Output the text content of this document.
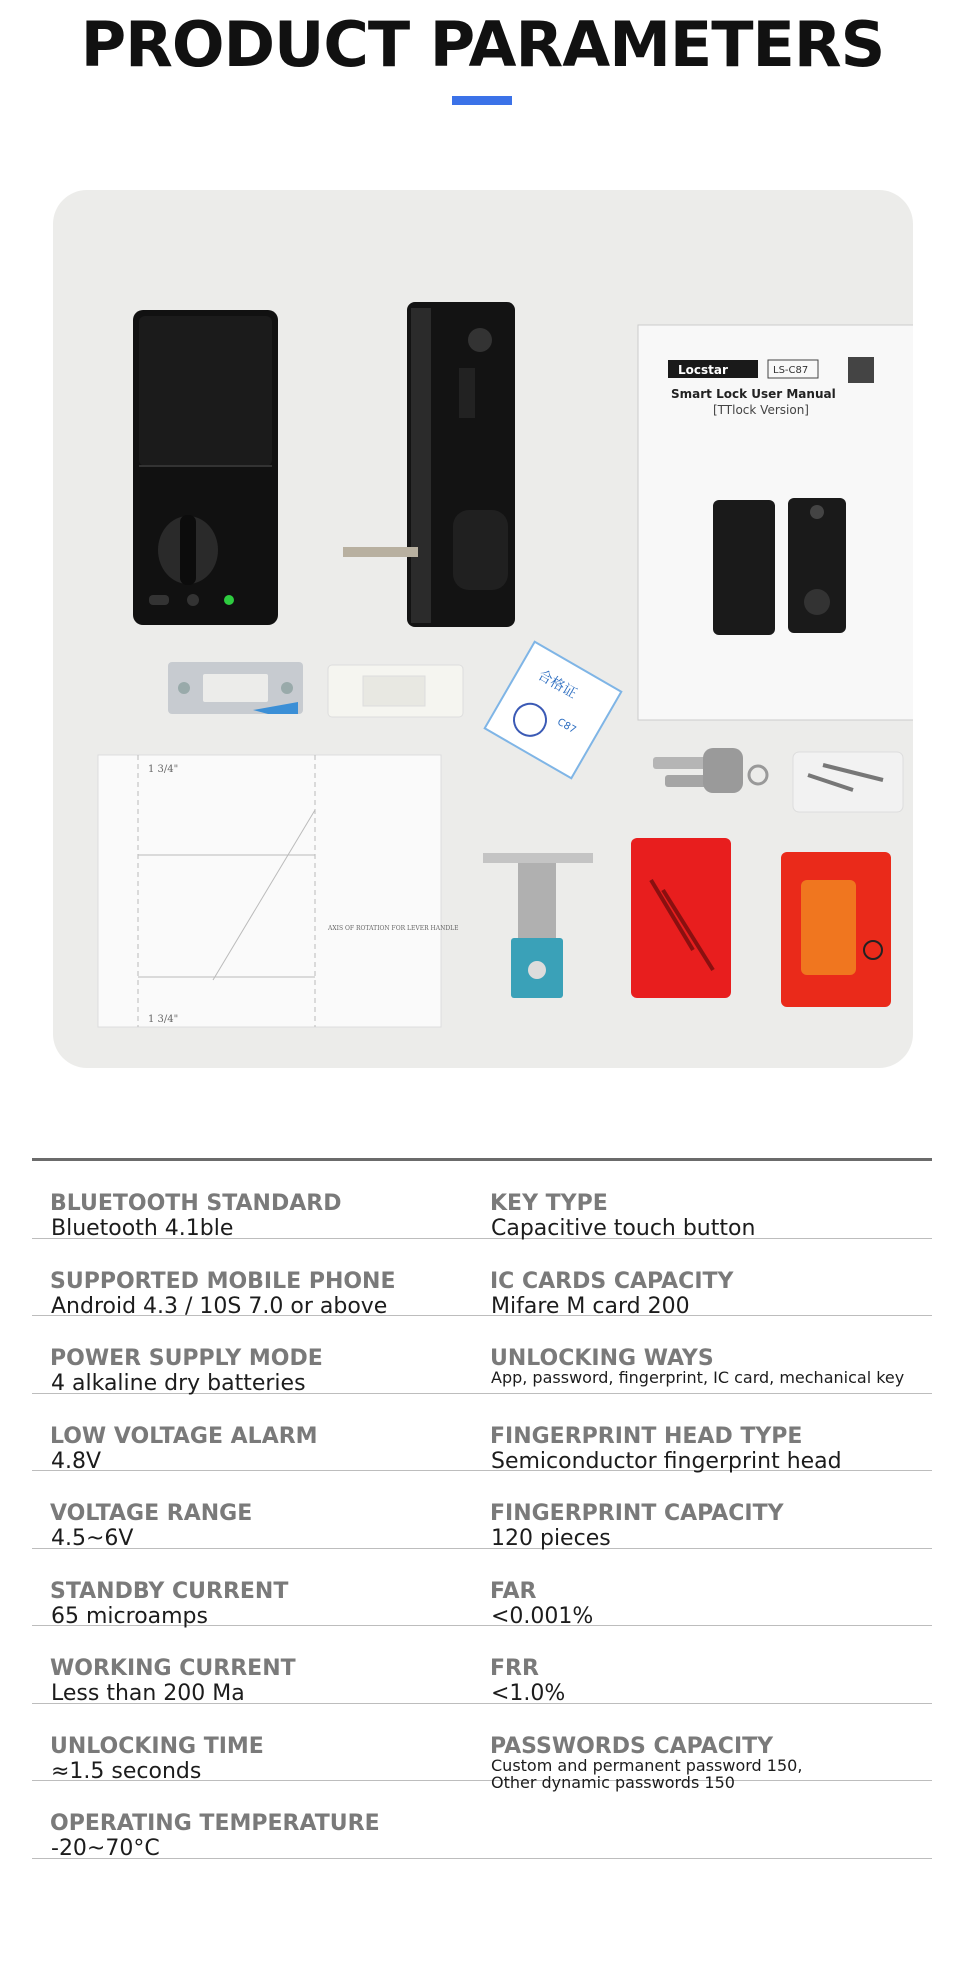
PRODUCT PARAMETERS
Locstar	LS-C87
Smart Lock User Manual
[TTlock Version]
合格证
C87
1 3/4"
1 3/4"
AXIS OF ROTATION FOR LEVER HANDLE
BLUETOOTH STANDARD
Bluetooth 4.1ble
KEY TYPE
Capacitive touch button
SUPPORTED MOBILE PHONE
Android 4.3 / 10S 7.0 or above
IC CARDS CAPACITY
Mifare M card 200
POWER SUPPLY MODE
4 alkaline dry batteries
UNLOCKING WAYS
App, password, fingerprint, IC card, mechanical key
LOW VOLTAGE ALARM
4.8V
FINGERPRINT HEAD TYPE
Semiconductor fingerprint head
VOLTAGE RANGE
4.5~6V
FINGERPRINT CAPACITY
120 pieces
STANDBY CURRENT
65 microamps
FAR
<0.001%
WORKING CURRENT
Less than 200 Ma
FRR
<1.0%
UNLOCKING TIME
≈1.5 seconds
PASSWORDS CAPACITY
Custom and permanent password 150,
Other dynamic passwords 150
OPERATING TEMPERATURE
-20~70°C
